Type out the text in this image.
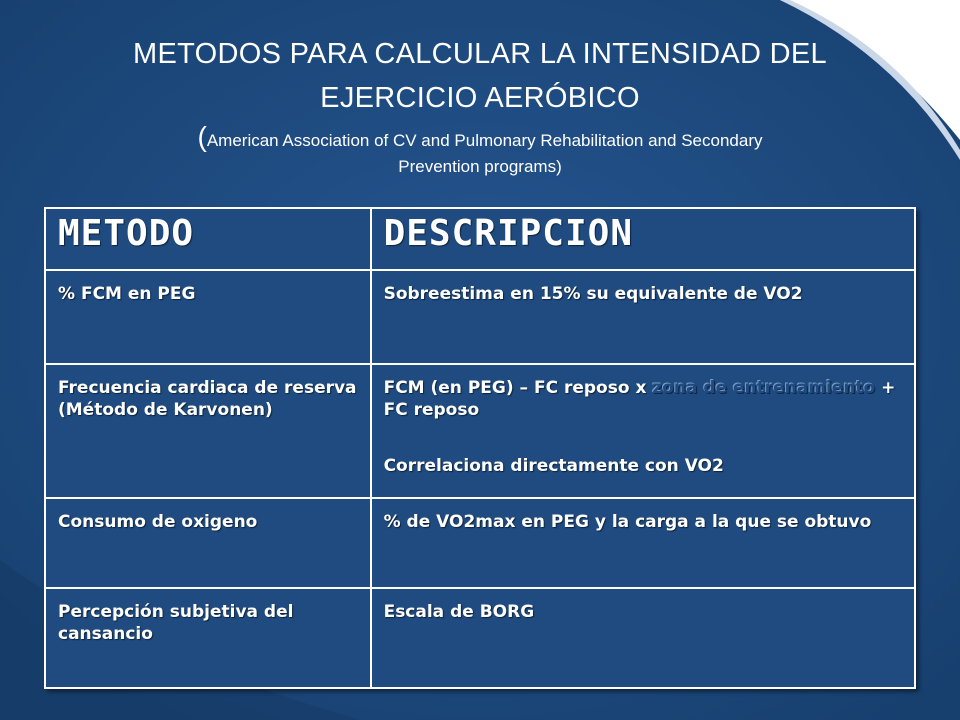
METODOS PARA CALCULAR LA INTENSIDAD DEL
EJERCICIO AERÓBICO
(American Association of CV and Pulmonary Rehabilitation and Secondary
Prevention programs)
METODO	DESCRIPCION
% FCM en PEG	Sobreestima en 15% su equivalente de VO2
Frecuencia cardiaca de reserva (Método de Karvonen)	FCM (en PEG) – FC reposo x zona de entrenamiento + FC reposo
Correlaciona directamente con VO2
Consumo de oxigeno	% de VO2max en PEG y la carga a la que se obtuvo
Percepción subjetiva del cansancio	Escala de BORG
